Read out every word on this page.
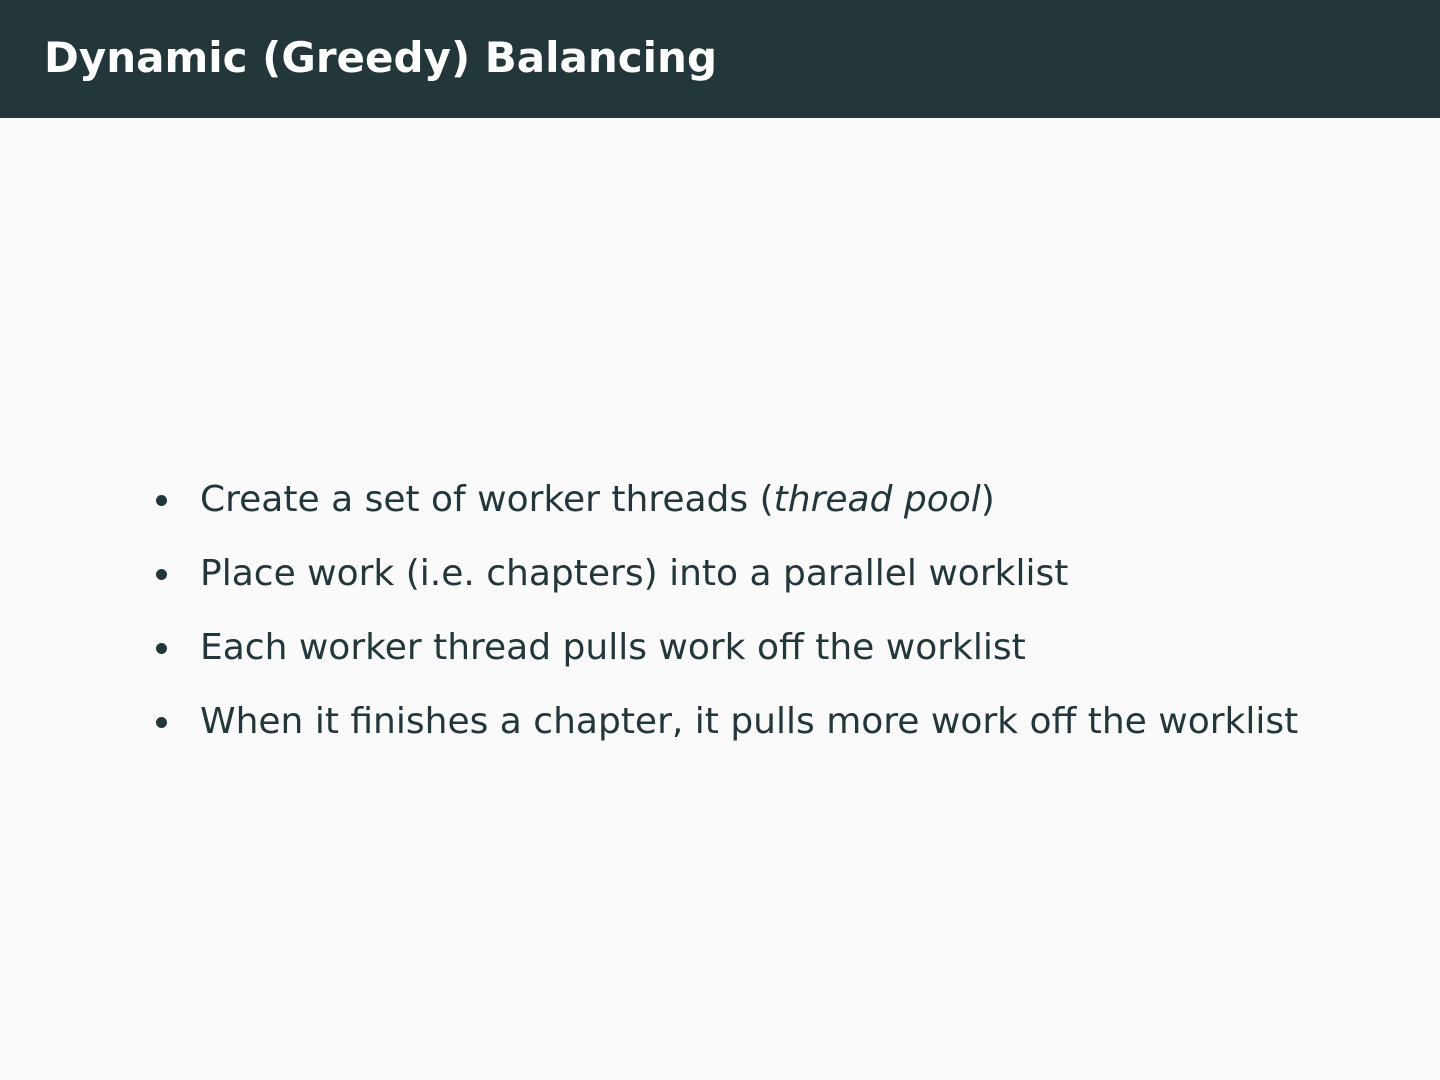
Dynamic (Greedy) Balancing
Create a set of worker threads (thread pool)
Place work (i.e. chapters) into a parallel worklist
Each worker thread pulls work off the worklist
When it finishes a chapter, it pulls more work off the worklist
